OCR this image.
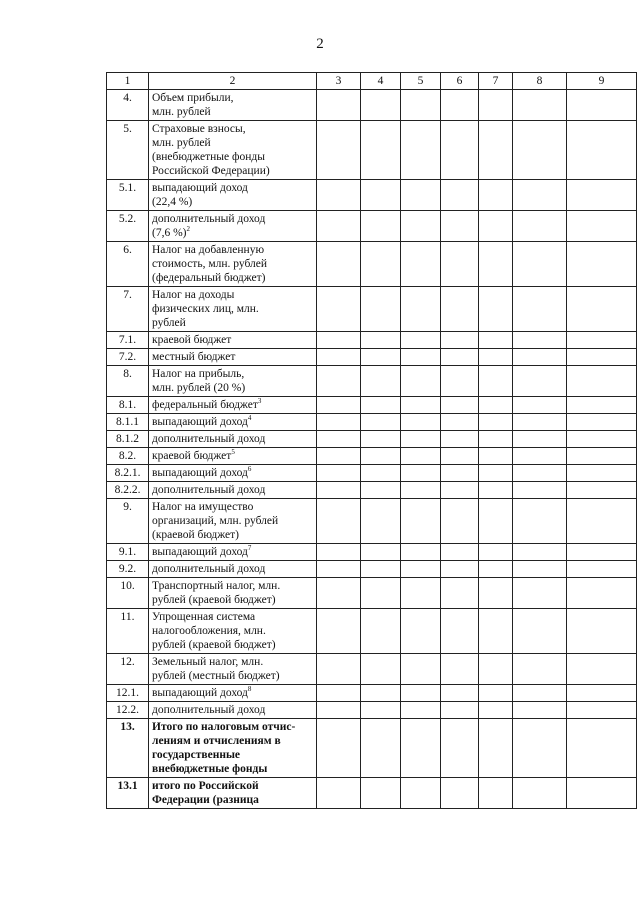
2
1	2	3	4	5	6	7	8	9
4.	Объем прибыли,
млн. рублей							
5.	Страховые взносы,
млн. рублей
(внебюджетные фонды
Российской Федерации)							
5.1.	выпадающий доход
(22,4 %)							
5.2.	дополнительный доход
(7,6 %)$^2$							
6.	Налог на добавленную
стоимость, млн. рублей
(федеральный бюджет)							
7.	Налог на доходы
физических лиц, млн.
рублей							
7.1.	краевой бюджет							
7.2.	местный бюджет							
8.	Налог на прибыль,
млн. рублей (20 %)							
8.1.	федеральный бюджет$^3$							
8.1.1	выпадающий доход$^4$							
8.1.2	дополнительный доход							
8.2.	краевой бюджет$^5$							
8.2.1.	выпадающий доход$^6$							
8.2.2.	дополнительный доход							
9.	Налог на имущество
организаций, млн. рублей
(краевой бюджет)							
9.1.	выпадающий доход$^7$							
9.2.	дополнительный доход							
10.	Транспортный налог, млн.
рублей (краевой бюджет)							
11.	Упрощенная система
налогообложения, млн.
рублей (краевой бюджет)							
12.	Земельный налог, млн.
рублей (местный бюджет)							
12.1.	выпадающий доход$^8$							
12.2.	дополнительный доход							
13.	Итого по налоговым отчис-
лениям и отчислениям в
государственные
внебюджетные фонды							
13.1	итого по Российской
Федерации (разница							
